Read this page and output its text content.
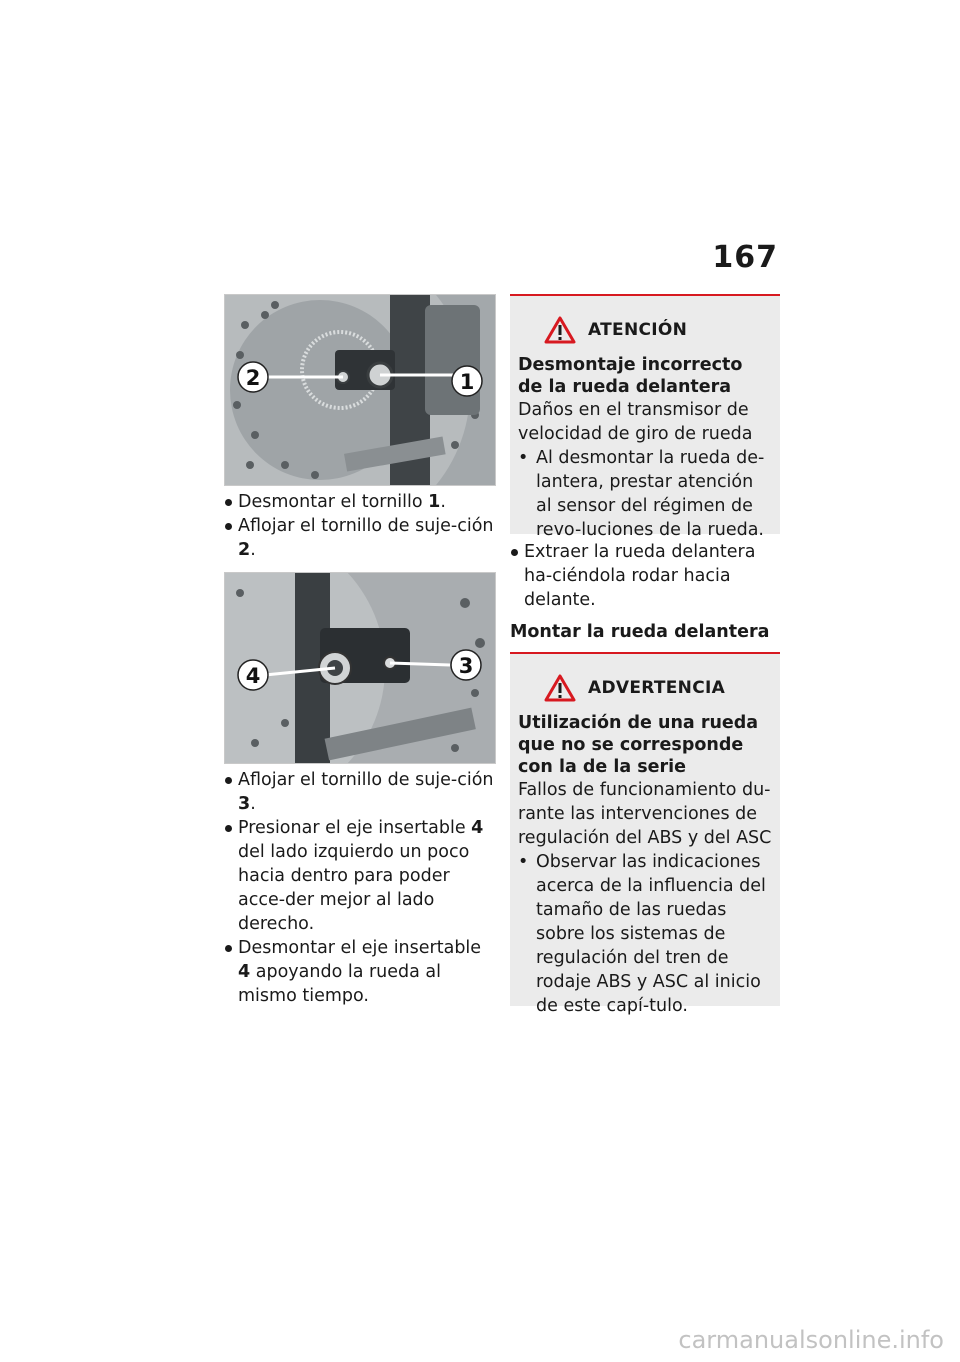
167
2	1
Desmontar el tornillo 1.
Aflojar el tornillo de suje-ción 2.
4	3
Aflojar el tornillo de suje-ción 3.
Presionar el eje insertable 4 del lado izquierdo un poco hacia dentro para poder acce-der mejor al lado derecho.
Desmontar el eje insertable 4 apoyando la rueda al mismo tiempo.
ATENCIÓN
Desmontaje incorrecto de la rueda delantera
Daños en el transmisor de velocidad de giro de rueda
• Al desmontar la rueda de-lantera, prestar atención al sensor del régimen de revo-luciones de la rueda.
Extraer la rueda delantera ha-ciéndola rodar hacia delante.
Montar la rueda delantera
ADVERTENCIA
Utilización de una rueda que no se corresponde con la de la serie
Fallos de funcionamiento du-rante las intervenciones de regulación del ABS y del ASC
• Observar las indicaciones acerca de la influencia del tamaño de las ruedas sobre los sistemas de regulación del tren de rodaje ABS y ASC al inicio de este capí-tulo.
carmanualsonline.info
